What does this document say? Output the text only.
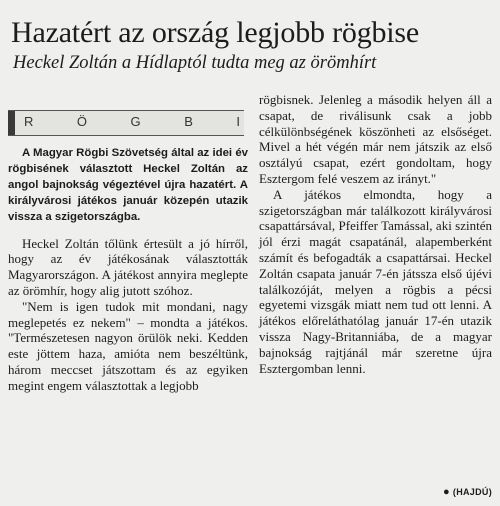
Hazatért az ország legjobb rögbise
Heckel Zoltán a Hídlaptól tudta meg az örömhírt
R	Ö	G	B	I

A Magyar Rögbi Szövetség által az idei év rögbisének választott Heckel Zoltán az angol bajnokság végeztével újra hazatért. A királyvárosi játékos január közepén utazik vissza a szigetországba.

Heckel Zoltán tőlünk értesült a jó hírről, hogy az év játékosának választották Magyarországon. A játékost annyira meglepte az örömhír, hogy alig jutott szóhoz.

"Nem is igen tudok mit mondani, nagy meglepetés ez nekem" – mondta a játékos. "Természetesen nagyon örülök neki. Kedden este jöttem haza, amióta nem beszéltünk, három meccset játszottam és az egyiken megint engem választottak a legjobb

rögbisnek. Jelenleg a második helyen áll a csapat, de riválisunk csak a jobb célkülönbségének köszönheti az elsőséget. Mivel a hét végén már nem játszik az első osztályú csapat, ezért gondoltam, hogy Esztergom felé veszem az irányt."

A játékos elmondta, hogy a szigetországban már találkozott királyvárosi csapattársával, Pfeiffer Tamással, aki szintén jól érzi magát csapatánál, alapemberként számít és befogadták a csapattársai. Heckel Zoltán csapata január 7-én játssza első újévi találkozóját, melyen a rögbis a pécsi egyetemi vizsgák miatt nem tud ott lenni. A játékos előreláthatólag január 17-én utazik vissza Nagy-Britanniába, de a magyar bajnokság rajtjánál már szeretne újra Esztergomban lenni.

● (HAJDÚ)
